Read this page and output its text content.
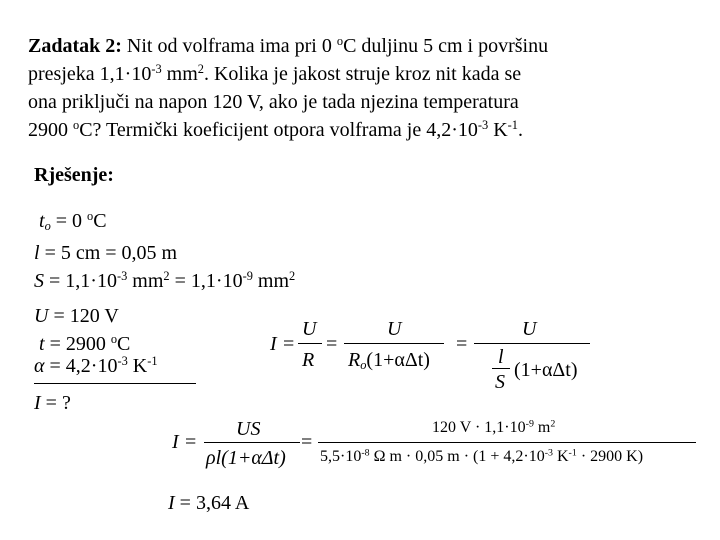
Zadatak 2: Nit od volframa ima pri 0 $^o$C duljinu 5 cm i površinu
presjeka $1,1\cdot 10^{-3}$ $mm^2$. Kolika je jakost struje kroz nit kada se
ona priključi na napon 120 V, ako je tada njezina temperatura
2900 $^o$C? Termički koeficijent otpora volframa je $4,2\cdot 10^{-3}$ $K^{-1}$.
Rješenje:
$t_o = 0$ $^o$C
l = 5 cm = 0,05 m
$S = 1,1\cdot 10^{-3}$ $mm^2 = 1,1\cdot 10^{-9}$ $mm^2$
U = 120 V
t = 2900 $^o$C
$\alpha = 4,2\cdot 10^{-3}$ $K^{-1}$
I = ?
I =
U
R
=
U
$R_o(1+\alpha\Delta t)$
=
U
l
S
(1+αΔt)
I =
US
ρl(1+αΔt)
=
120 $V \cdot 1,1\cdot 10^{-9}$ $m^2$
$5,5\cdot 10^{-8}$ Ω m · 0,05 $m \cdot (1 + 4,2\cdot 10^{-3}$ $K^{-1} \cdot 2900$ K)
I = 3,64 A
